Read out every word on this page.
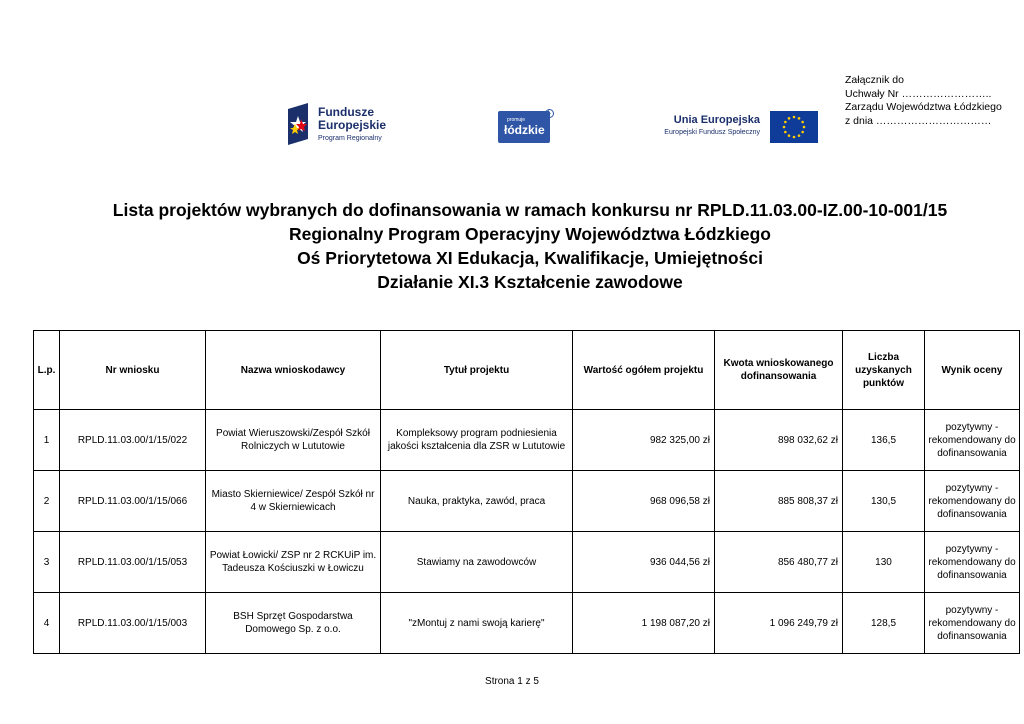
Załącznik do
Uchwały Nr ……………………..
Zarządu Województwa Łódzkiego
z dnia ……………………………
Fundusze
Europejskie
Program Regionalny
promuje
łódzkie
L
Unia Europejska
Europejski Fundusz Społeczny
Lista projektów wybranych do dofinansowania w ramach konkursu nr RPLD.11.03.00-IZ.00-10-001/15
Regionalny Program Operacyjny Województwa Łódzkiego
Oś Priorytetowa XI Edukacja, Kwalifikacje, Umiejętności
Działanie XI.3 Kształcenie zawodowe
L.p.	Nr wniosku	Nazwa wnioskodawcy	Tytuł projektu	Wartość ogółem projektu	Kwota wnioskowanego dofinansowania	Liczba uzyskanych punktów	Wynik oceny
1	RPLD.11.03.00/1/15/022	Powiat Wieruszowski/Zespół Szkół Rolniczych w Lututowie	Kompleksowy program podniesienia jakości kształcenia dla ZSR w Lututowie	982 325,00 zł	898 032,62 zł	136,5	pozytywny - rekomendowany do dofinansowania
2	RPLD.11.03.00/1/15/066	Miasto Skierniewice/ Zespół Szkół nr 4 w Skierniewicach	Nauka, praktyka, zawód, praca	968 096,58 zł	885 808,37 zł	130,5	pozytywny - rekomendowany do dofinansowania
3	RPLD.11.03.00/1/15/053	Powiat Łowicki/ ZSP nr 2 RCKUiP im. Tadeusza Kościuszki w Łowiczu	Stawiamy na zawodowców	936 044,56 zł	856 480,77 zł	130	pozytywny - rekomendowany do dofinansowania
4	RPLD.11.03.00/1/15/003	BSH Sprzęt Gospodarstwa Domowego Sp. z o.o.	"zMontuj z nami swoją karierę"	1 198 087,20 zł	1 096 249,79 zł	128,5	pozytywny - rekomendowany do dofinansowania
Strona 1 z 5
